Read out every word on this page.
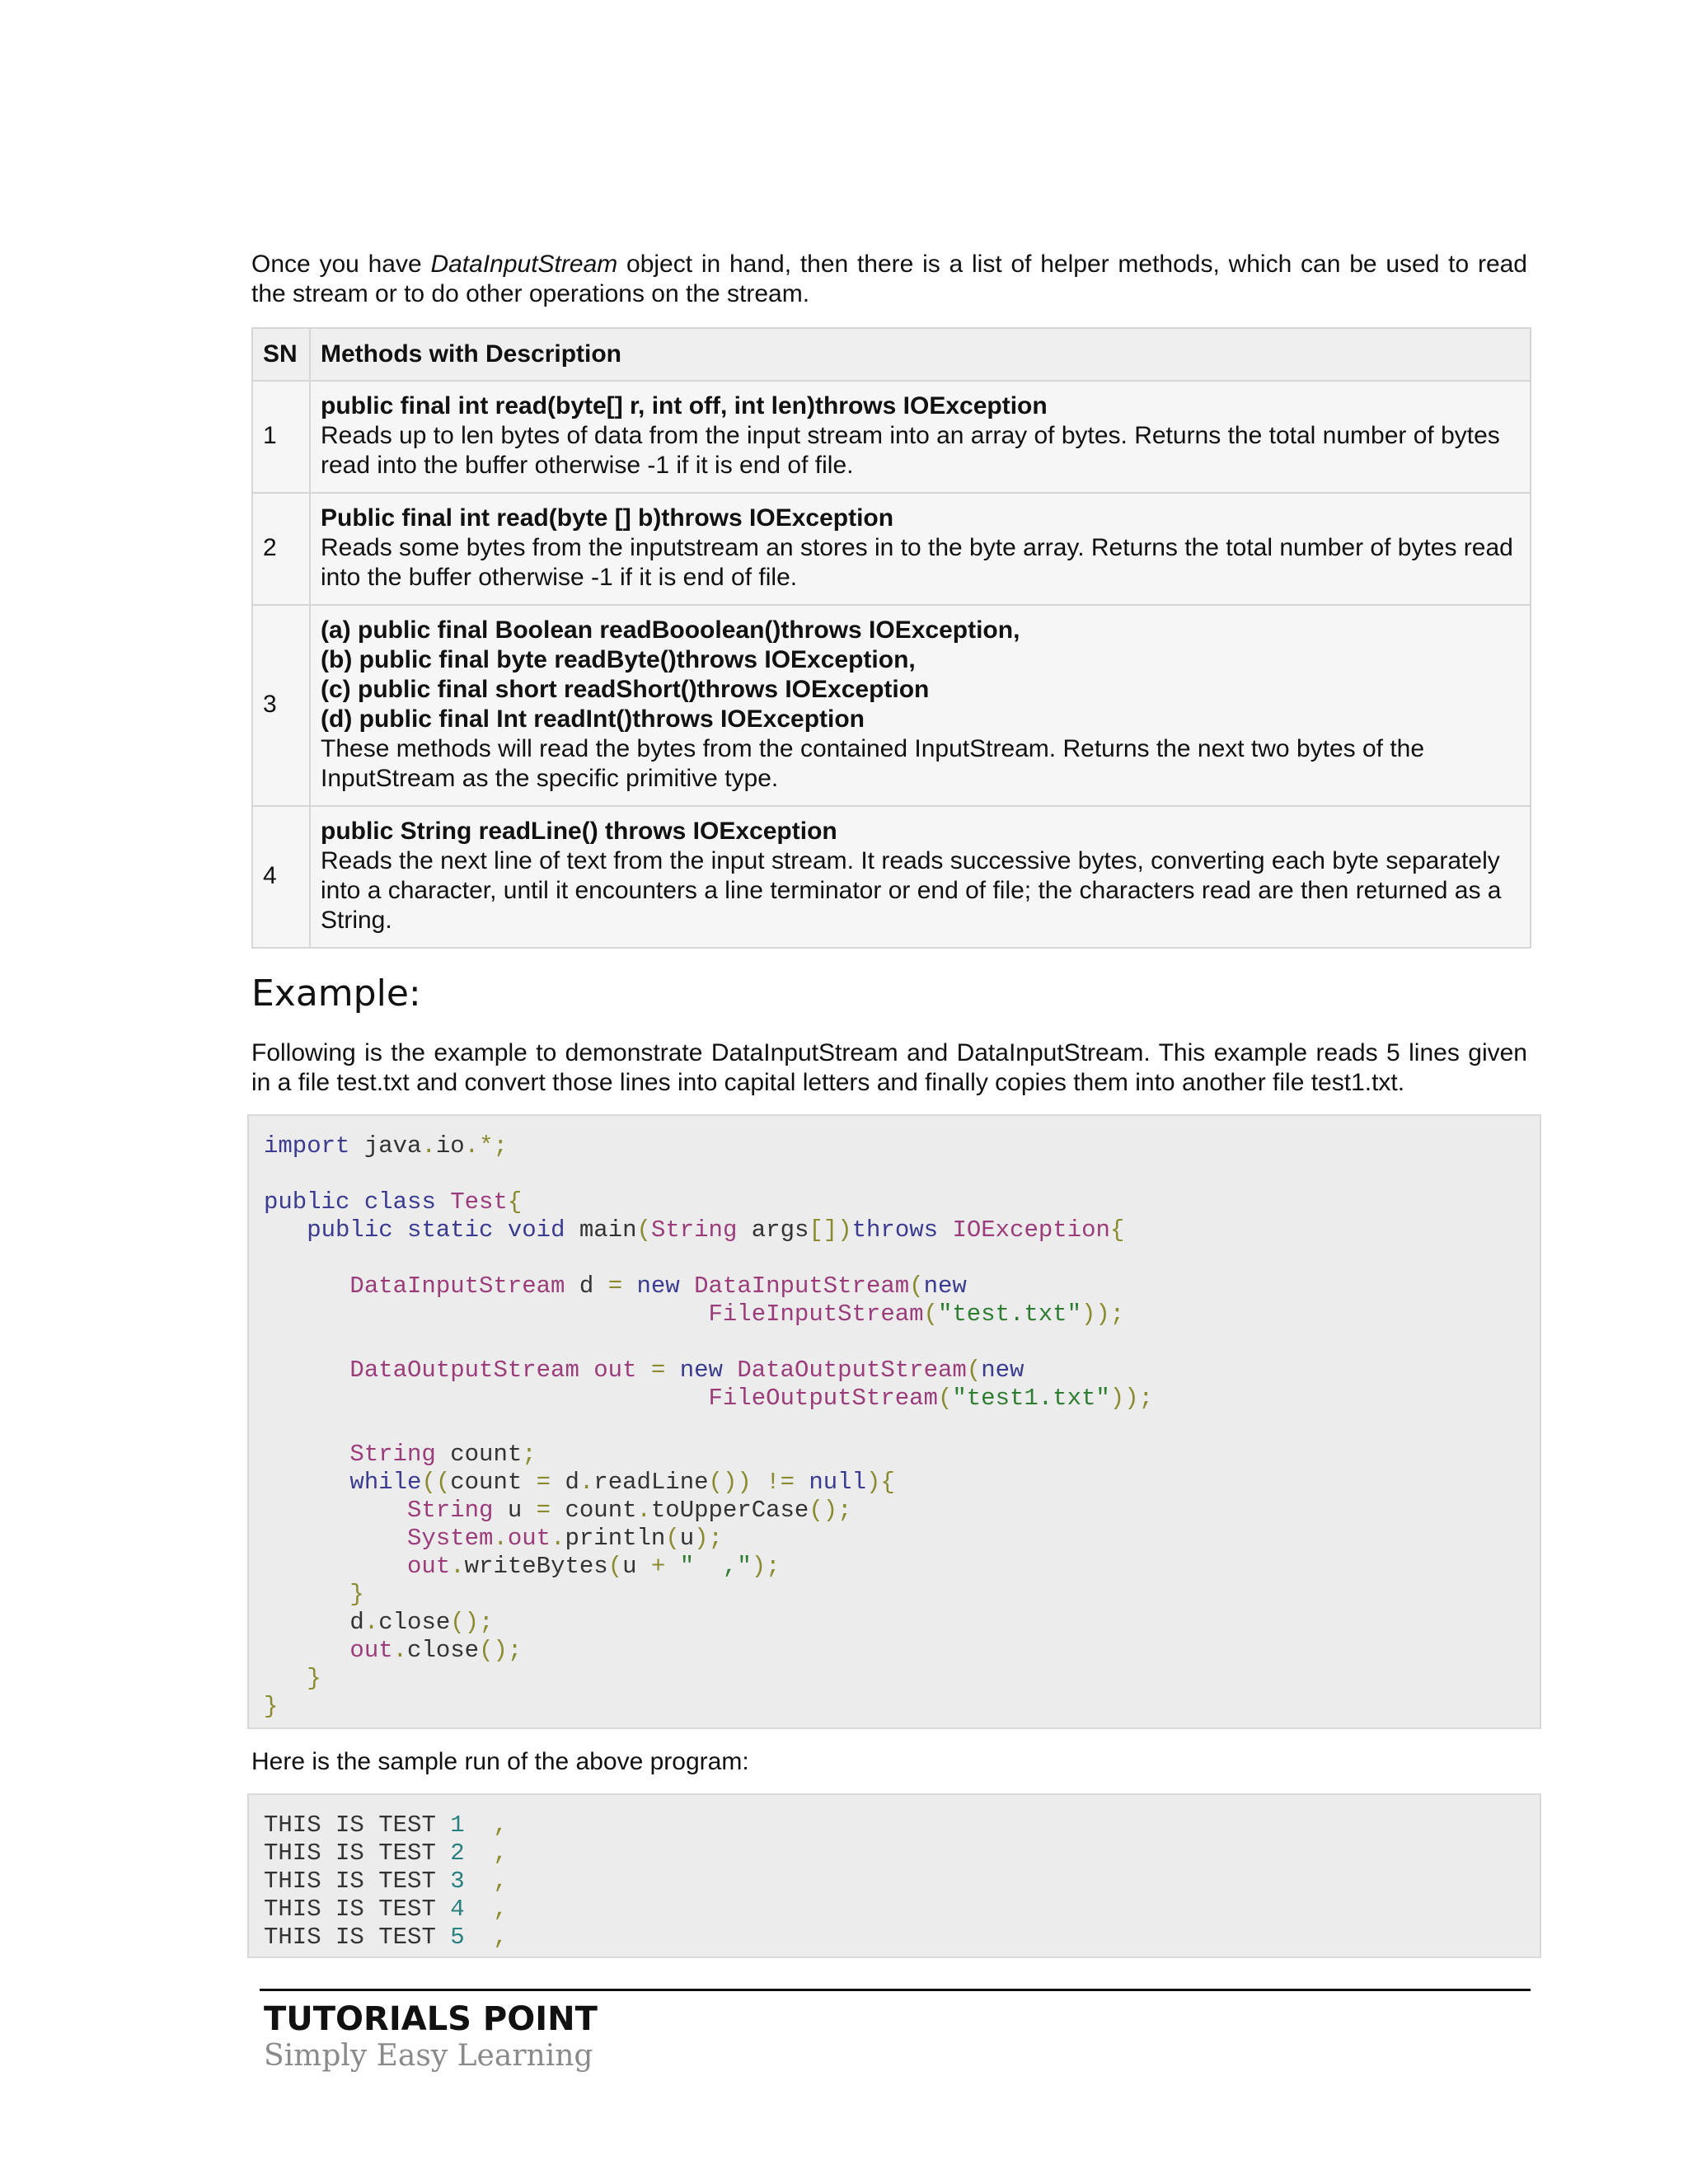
Once you have DataInputStream object in hand, then there is a list of helper methods, which can be used to read the stream or to do other operations on the stream.

SN	Methods with Description
1	public final int read(byte[] r, int off, int len)throws IOException
Reads up to len bytes of data from the input stream into an array of bytes. Returns the total number of bytes read into the buffer otherwise -1 if it is end of file.

2	Public final int read(byte [] b)throws IOException
Reads some bytes from the inputstream an stores in to the byte array. Returns the total number of bytes read into the buffer otherwise -1 if it is end of file.

3	(a) public final Boolean readBooolean()throws IOException,
(b) public final byte readByte()throws IOException,
(c) public final short readShort()throws IOException
(d) public final Int readInt()throws IOException
These methods will read the bytes from the contained InputStream. Returns the next two bytes of the InputStream as the specific primitive type.

4	public String readLine() throws IOException
Reads the next line of text from the input stream. It reads successive bytes, converting each byte separately into a character, until it encounters a line terminator or end of file; the characters read are then returned as a String.
Example:

Following is the example to demonstrate DataInputStream and DataInputStream. This example reads 5 lines given in a file test.txt and convert those lines into capital letters and finally copies them into another file test1.txt.

import java.io.*;

public class Test{
public static void main(String args[])throws IOException{

DataInputStream d = new DataInputStream(new
FileInputStream("test.txt"));

DataOutputStream out = new DataOutputStream(new
FileOutputStream("test1.txt"));

String count;
while((count = d.readLine()) != null){
String u = count.toUpperCase();
System.out.println(u);
out.writeBytes(u + "  ,");
}
d.close();
out.close();
}
}

Here is the sample run of the above program:

THIS IS TEST 1 ,
THIS IS TEST 2 ,
THIS IS TEST 3 ,
THIS IS TEST 4 ,
THIS IS TEST 5 ,

TUTORIALS POINT

Simply Easy Learning
